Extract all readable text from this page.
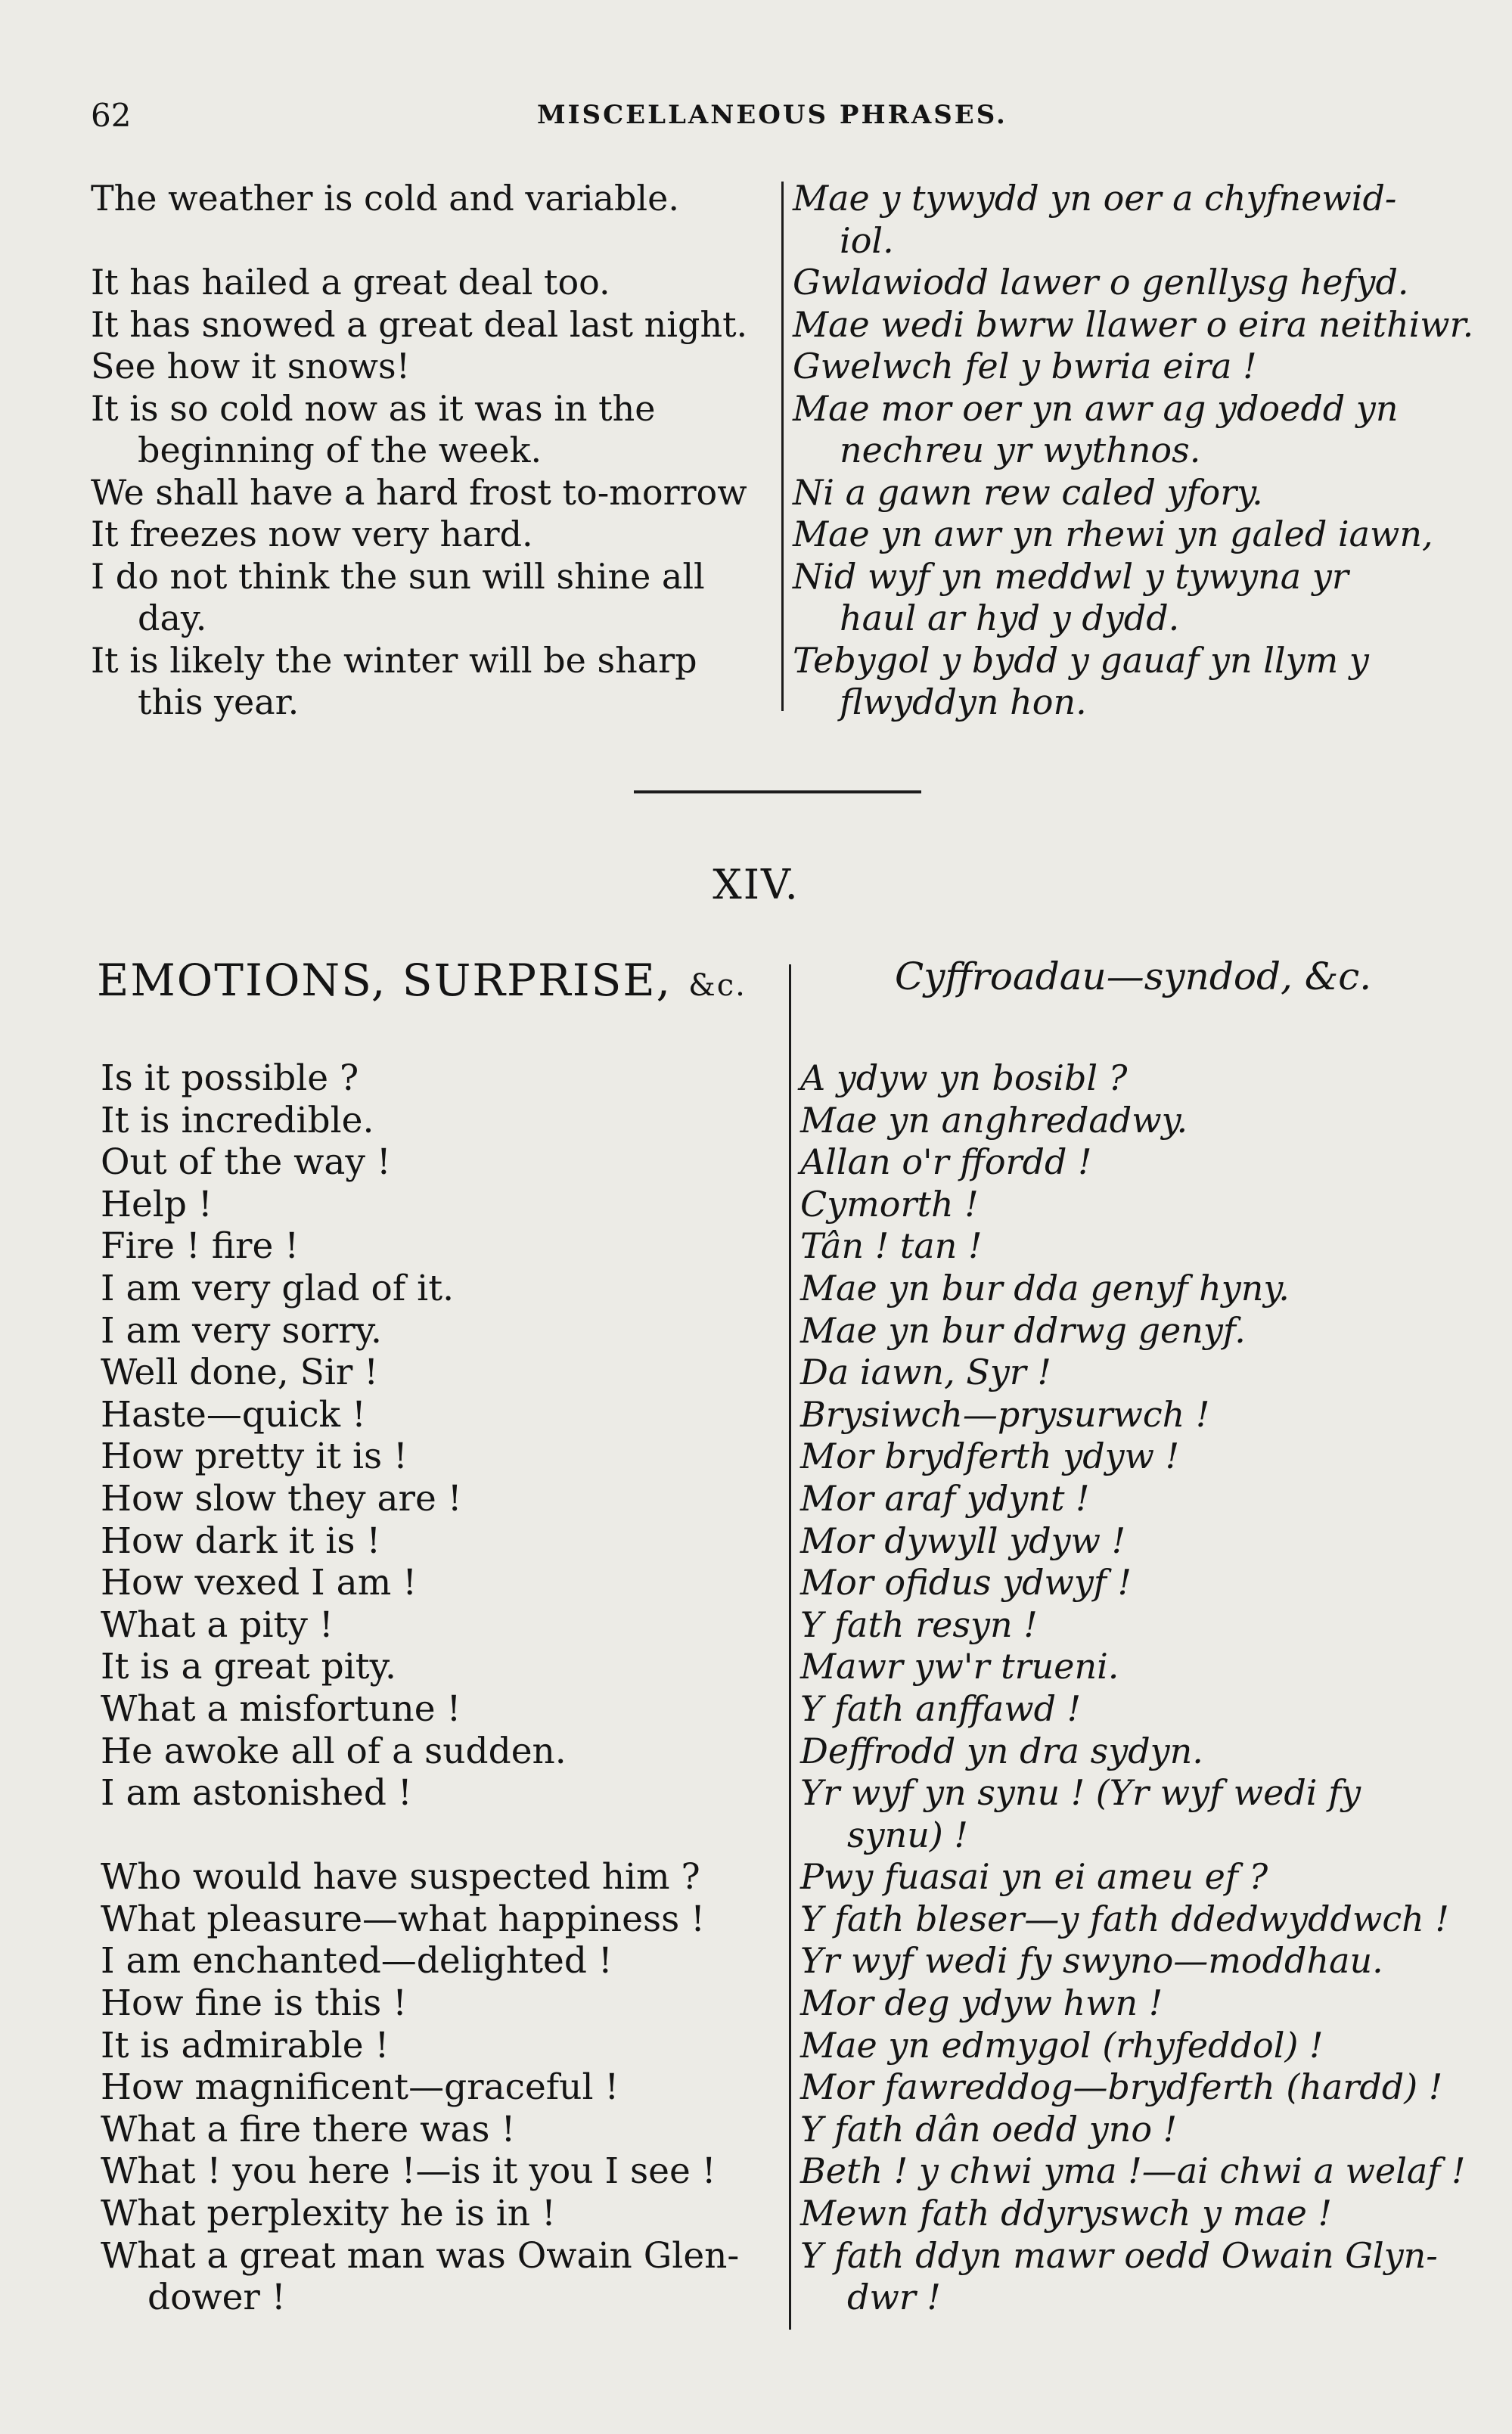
62	MISCELLANEOUS PHRASES.
The weather is cold and variable.
It has hailed a great deal too.
It has snowed a great deal last night.
See how it snows!
It is so cold now as it was in the
beginning of the week.
We shall have a hard frost to-morrow
It freezes now very hard.
I do not think the sun will shine all
day.
It is likely the winter will be sharp
this year.
Mae y tywydd yn oer a chyfnewid-
iol.
Gwlawiodd lawer o genllysg hefyd.
Mae wedi bwrw llawer o eira neithiwr.
Gwelwch fel y bwria eira !
Mae mor oer yn awr ag ydoedd yn
nechreu yr wythnos.
Ni a gawn rew caled yfory.
Mae yn awr yn rhewi yn galed iawn,
Nid wyf yn meddwl y tywyna yr
haul ar hyd y dydd.
Tebygol y bydd y gauaf yn llym y
flwyddyn hon.
XIV.
EMOTIONS, SURPRISE, &c.	Cyffroadau—syndod, &c.
Is it possible ?
It is incredible.
Out of the way !
Help !
Fire ! fire !
I am very glad of it.
I am very sorry.
Well done, Sir !
Haste—quick !
How pretty it is !
How slow they are !
How dark it is !
How vexed I am !
What a pity !
It is a great pity.
What a misfortune !
He awoke all of a sudden.
I am astonished !
Who would have suspected him ?
What pleasure—what happiness !
I am enchanted—delighted !
How fine is this !
It is admirable !
How magnificent—graceful !
What a fire there was !
What ! you here !—is it you I see !
What perplexity he is in !
What a great man was Owain Glen-
dower !
A ydyw yn bosibl ?
Mae yn anghredadwy.
Allan o'r ffordd !
Cymorth !
Tân ! tan !
Mae yn bur dda genyf hyny.
Mae yn bur ddrwg genyf.
Da iawn, Syr !
Brysiwch—prysurwch !
Mor brydferth ydyw !
Mor araf ydynt !
Mor dywyll ydyw !
Mor ofidus ydwyf !
Y fath resyn !
Mawr yw'r trueni.
Y fath anffawd !
Deffrodd yn dra sydyn.
Yr wyf yn synu ! (Yr wyf wedi fy
synu) !
Pwy fuasai yn ei ameu ef ?
Y fath bleser—y fath ddedwyddwch !
Yr wyf wedi fy swyno—moddhau.
Mor deg ydyw hwn !
Mae yn edmygol (rhyfeddol) !
Mor fawreddog—brydferth (hardd) !
Y fath dân oedd yno !
Beth ! y chwi yma !—ai chwi a welaf !
Mewn fath ddyryswch y mae !
Y fath ddyn mawr oedd Owain Glyn-
dwr !
